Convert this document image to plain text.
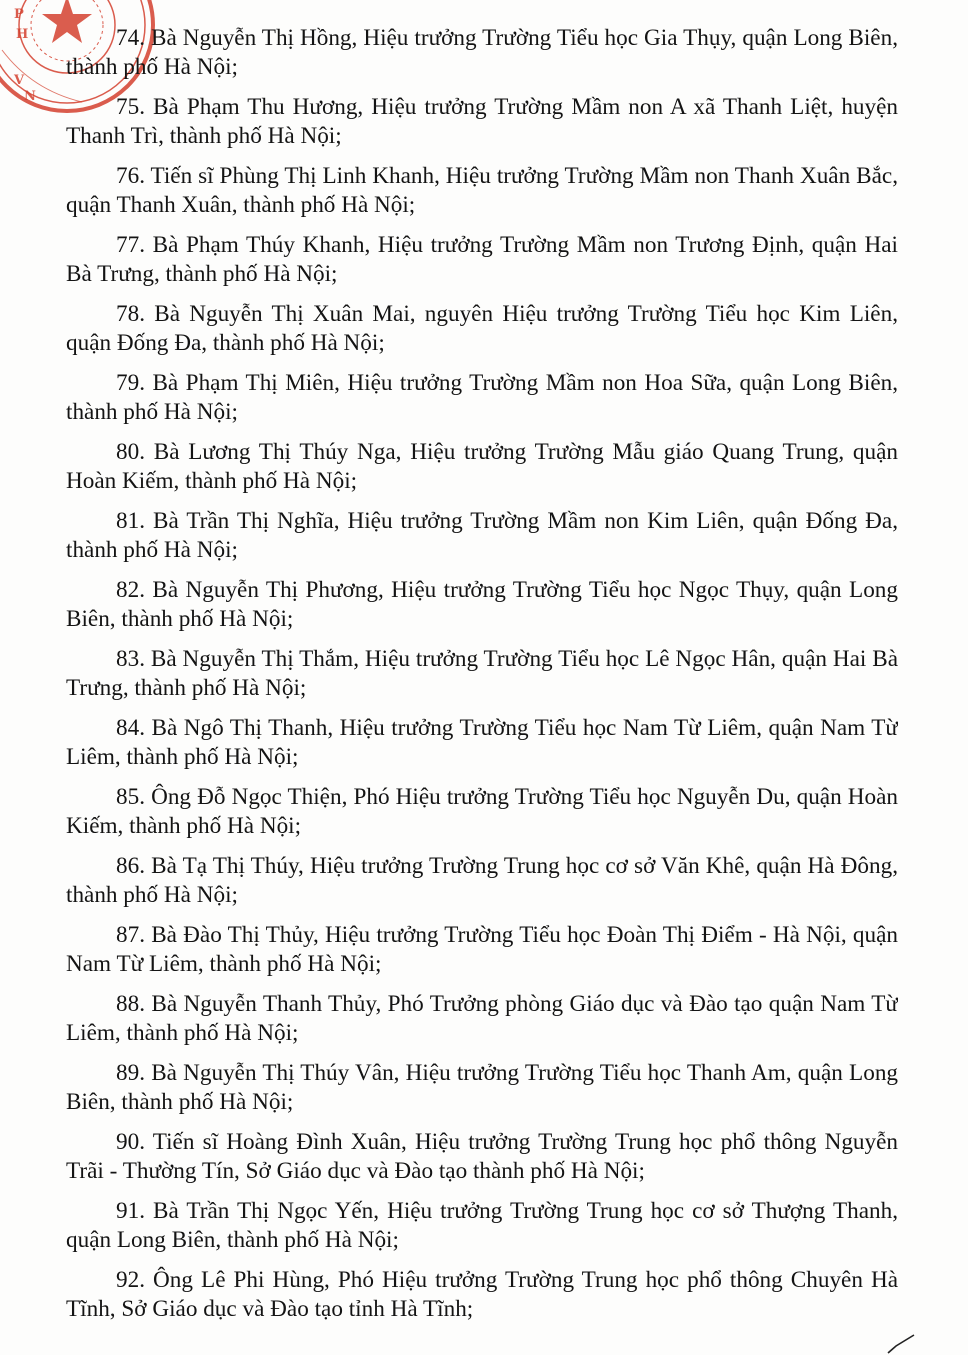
P
H
V
N

74. Bà Nguyễn Thị Hồng, Hiệu trưởng Trường Tiểu học Gia Thụy, quận Long Biên, thành phố Hà Nội;

75. Bà Phạm Thu Hương, Hiệu trưởng Trường Mầm non A xã Thanh Liệt, huyện Thanh Trì, thành phố Hà Nội;

76. Tiến sĩ Phùng Thị Linh Khanh, Hiệu trưởng Trường Mầm non Thanh Xuân Bắc, quận Thanh Xuân, thành phố Hà Nội;

77. Bà Phạm Thúy Khanh, Hiệu trưởng Trường Mầm non Trương Định, quận Hai Bà Trưng, thành phố Hà Nội;

78. Bà Nguyễn Thị Xuân Mai, nguyên Hiệu trưởng Trường Tiểu học Kim Liên, quận Đống Đa, thành phố Hà Nội;

79. Bà Phạm Thị Miên, Hiệu trưởng Trường Mầm non Hoa Sữa, quận Long Biên, thành phố Hà Nội;

80. Bà Lương Thị Thúy Nga, Hiệu trưởng Trường Mẫu giáo Quang Trung, quận Hoàn Kiếm, thành phố Hà Nội;

81. Bà Trần Thị Nghĩa, Hiệu trưởng Trường Mầm non Kim Liên, quận Đống Đa, thành phố Hà Nội;

82. Bà Nguyễn Thị Phương, Hiệu trưởng Trường Tiểu học Ngọc Thụy, quận Long Biên, thành phố Hà Nội;

83. Bà Nguyễn Thị Thắm, Hiệu trưởng Trường Tiểu học Lê Ngọc Hân, quận Hai Bà Trưng, thành phố Hà Nội;

84. Bà Ngô Thị Thanh, Hiệu trưởng Trường Tiểu học Nam Từ Liêm, quận Nam Từ Liêm, thành phố Hà Nội;

85. Ông Đỗ Ngọc Thiện, Phó Hiệu trưởng Trường Tiểu học Nguyễn Du, quận Hoàn Kiếm, thành phố Hà Nội;

86. Bà Tạ Thị Thúy, Hiệu trưởng Trường Trung học cơ sở Văn Khê, quận Hà Đông, thành phố Hà Nội;

87. Bà Đào Thị Thủy, Hiệu trưởng Trường Tiểu học Đoàn Thị Điểm - Hà Nội, quận Nam Từ Liêm, thành phố Hà Nội;

88. Bà Nguyễn Thanh Thủy, Phó Trưởng phòng Giáo dục và Đào tạo quận Nam Từ Liêm, thành phố Hà Nội;

89. Bà Nguyễn Thị Thúy Vân, Hiệu trưởng Trường Tiểu học Thanh Am, quận Long Biên, thành phố Hà Nội;

90. Tiến sĩ Hoàng Đình Xuân, Hiệu trưởng Trường Trung học phổ thông Nguyễn Trãi - Thường Tín, Sở Giáo dục và Đào tạo thành phố Hà Nội;

91. Bà Trần Thị Ngọc Yến, Hiệu trưởng Trường Trung học cơ sở Thượng Thanh, quận Long Biên, thành phố Hà Nội;

92. Ông Lê Phi Hùng, Phó Hiệu trưởng Trường Trung học phổ thông Chuyên Hà Tĩnh, Sở Giáo dục và Đào tạo tỉnh Hà Tĩnh;
